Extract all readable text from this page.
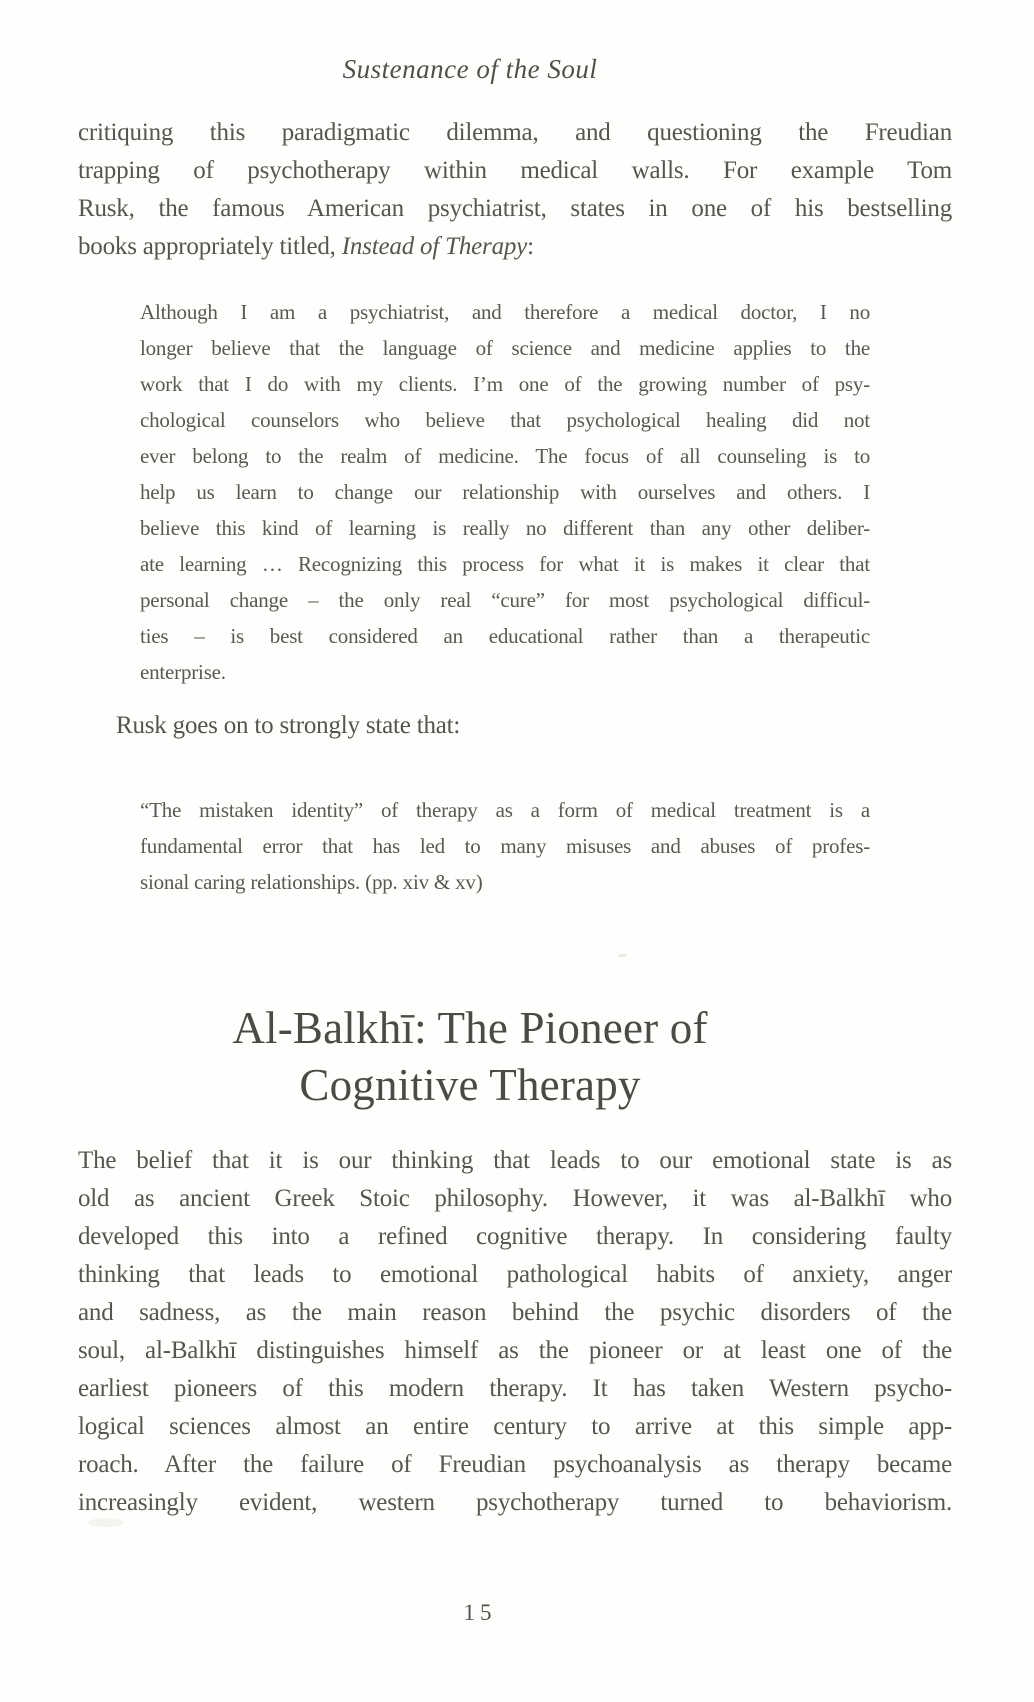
Sustenance of the Soul
critiquing this paradigmatic dilemma, and questioning the Freudian
trapping of psychotherapy within medical walls. For example Tom
Rusk, the famous American psychiatrist, states in one of his bestselling
books appropriately titled, Instead of Therapy:
Although I am a psychiatrist, and therefore a medical doctor, I no
longer believe that the language of science and medicine applies to the
work that I do with my clients. I’m one of the growing number of psy-
chological counselors who believe that psychological healing did not
ever belong to the realm of medicine. The focus of all counseling is to
help us learn to change our relationship with ourselves and others. I
believe this kind of learning is really no different than any other deliber-
ate learning … Recognizing this process for what it is makes it clear that
personal change – the only real “cure” for most psychological difficul-
ties – is best considered an educational rather than a therapeutic
enterprise.
Rusk goes on to strongly state that:
“The mistaken identity” of therapy as a form of medical treatment is a
fundamental error that has led to many misuses and abuses of profes-
sional caring relationships. (pp. xiv & xv)
Al-Balkhī: The Pioneer of
Cognitive Therapy
The belief that it is our thinking that leads to our emotional state is as
old as ancient Greek Stoic philosophy. However, it was al-Balkhī who
developed this into a refined cognitive therapy. In considering faulty
thinking that leads to emotional pathological habits of anxiety, anger
and sadness, as the main reason behind the psychic disorders of the
soul, al-Balkhī distinguishes himself as the pioneer or at least one of the
earliest pioneers of this modern therapy. It has taken Western psycho-
logical sciences almost an entire century to arrive at this simple app-
roach. After the failure of Freudian psychoanalysis as therapy became
increasingly evident, western psychotherapy turned to behaviorism.
15
